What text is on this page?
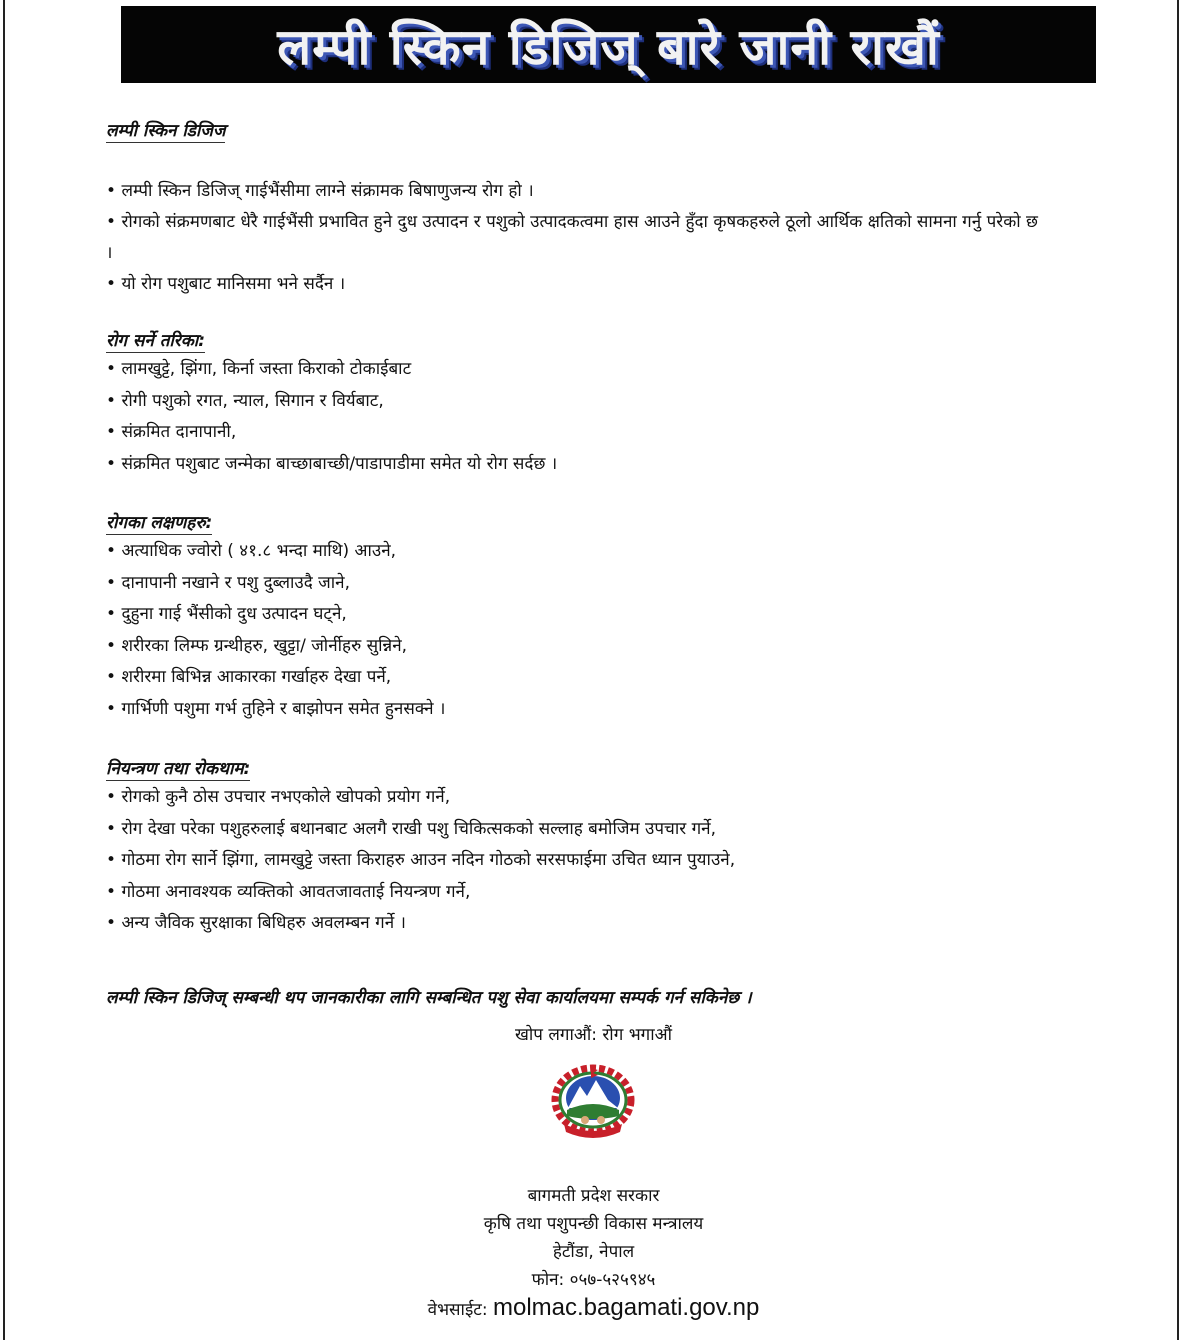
लम्पी स्किन डिजिज् बारे जानी राखौं
लम्पी स्किन डिजिज
• लम्पी स्किन डिजिज् गाईभैंसीमा लाग्ने संक्रामक बिषाणुजन्य रोग हो ।
• रोगको संक्रमणबाट धेरै गाईभैंसी प्रभावित हुने दुध उत्पादन र पशुको उत्पादकत्वमा हास आउने हुँदा कृषकहरुले ठूलो आर्थिक क्षतिको सामना गर्नु परेको छ ।
• यो रोग पशुबाट मानिसमा भने सर्दैन ।
रोग सर्ने तरिका:
• लामखुट्टे, झिंगा, किर्ना जस्ता किराको टोकाईबाट
• रोगी पशुको रगत, न्याल, सिगान र विर्यबाट,
• संक्रमित दानापानी,
• संक्रमित पशुबाट जन्मेका बाच्छाबाच्छी/पाडापाडीमा समेत यो रोग सर्दछ ।
रोगका लक्षणहरु:
• अत्याधिक ज्वोरो ( ४१.८ भन्दा माथि) आउने,
• दानापानी नखाने र पशु दुब्लाउदै जाने,
• दुहुना गाई भैंसीको दुध उत्पादन घट्ने,
• शरीरका लिम्फ ग्रन्थीहरु, खुट्टा/ जोर्नीहरु सुन्निने,
• शरीरमा बिभिन्न आकारका गर्खाहरु देखा पर्ने,
• गार्भिणी पशुमा गर्भ तुहिने र बाझोपन समेत हुनसक्ने ।
नियन्त्रण तथा रोकथाम:
• रोगको कुनै ठोस उपचार नभएकोले खोपको प्रयोग गर्ने,
• रोग देखा परेका पशुहरुलाई बथानबाट अलगै राखी पशु चिकित्सकको सल्लाह बमोजिम उपचार गर्ने,
• गोठमा रोग सार्ने झिंगा, लामखुट्टे जस्ता किराहरु आउन नदिन गोठको सरसफाईमा उचित ध्यान पुयाउने,
• गोठमा अनावश्यक व्यक्तिको आवतजावताई नियन्त्रण गर्ने,
• अन्य जैविक सुरक्षाका बिधिहरु अवलम्बन गर्ने ।

लम्पी स्किन डिजिज् सम्बन्धी थप जानकारीका लागि सम्बन्धित पशु सेवा कार्यालयमा सम्पर्क गर्न सकिनेछ ।

खोप लगाऔं: रोग भगाऔं
बागमती प्रदेश सरकार
कृषि तथा पशुपन्छी विकास मन्त्रालय
हेटौंडा, नेपाल
फोन: ०५७-५२५९४५
वेभसाईट: molmac.bagamati.gov.np
